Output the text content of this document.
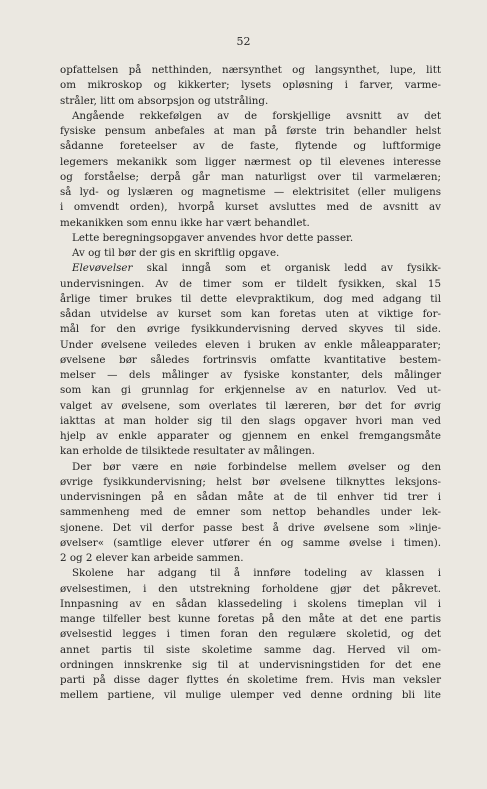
52
opfattelsen på netthinden, nærsynthet og langsynthet, lupe, litt
om mikroskop og kikkerter; lysets opløsning i farver, varme-
stråler, litt om absorpsjon og utstråling.
Angående rekkefølgen av de forskjellige avsnitt av det
fysiske pensum anbefales at man på første trin behandler helst
sådanne foreteelser av de faste, flytende og luftformige
legemers mekanikk som ligger nærmest op til elevenes interesse
og forståelse; derpå går man naturligst over til varmelæren;
så lyd- og lyslæren og magnetisme — elektrisitet (eller muligens
i omvendt orden), hvorpå kurset avsluttes med de avsnitt av
mekanikken som ennu ikke har vært behandlet.
Lette beregningsopgaver anvendes hvor dette passer.
Av og til bør der gis en skriftlig opgave.
Elevøvelser skal inngå som et organisk ledd av fysikk-
undervisningen. Av de timer som er tildelt fysikken, skal 15
årlige timer brukes til dette elevpraktikum, dog med adgang til
sådan utvidelse av kurset som kan foretas uten at viktige for-
mål for den øvrige fysikkundervisning derved skyves til side.
Under øvelsene veiledes eleven i bruken av enkle måleapparater;
øvelsene bør således fortrinsvis omfatte kvantitative bestem-
melser — dels målinger av fysiske konstanter, dels målinger
som kan gi grunnlag for erkjennelse av en naturlov. Ved ut-
valget av øvelsene, som overlates til læreren, bør det for øvrig
iakttas at man holder sig til den slags opgaver hvori man ved
hjelp av enkle apparater og gjennem en enkel fremgangsmåte
kan erholde de tilsiktede resultater av målingen.
Der bør være en nøie forbindelse mellem øvelser og den
øvrige fysikkundervisning; helst bør øvelsene tilknyttes leksjons-
undervisningen på en sådan måte at de til enhver tid trer i
sammenheng med de emner som nettop behandles under lek-
sjonene. Det vil derfor passe best å drive øvelsene som »linje-
øvelser« (samtlige elever utfører én og samme øvelse i timen).
2 og 2 elever kan arbeide sammen.
Skolene har adgang til å innføre todeling av klassen i
øvelsestimen, i den utstrekning forholdene gjør det påkrevet.
Innpasning av en sådan klassedeling i skolens timeplan vil i
mange tilfeller best kunne foretas på den måte at det ene partis
øvelsestid legges i timen foran den regulære skoletid, og det
annet partis til siste skoletime samme dag. Herved vil om-
ordningen innskrenke sig til at undervisningstiden for det ene
parti på disse dager flyttes én skoletime frem. Hvis man veksler
mellem partiene, vil mulige ulemper ved denne ordning bli lite
